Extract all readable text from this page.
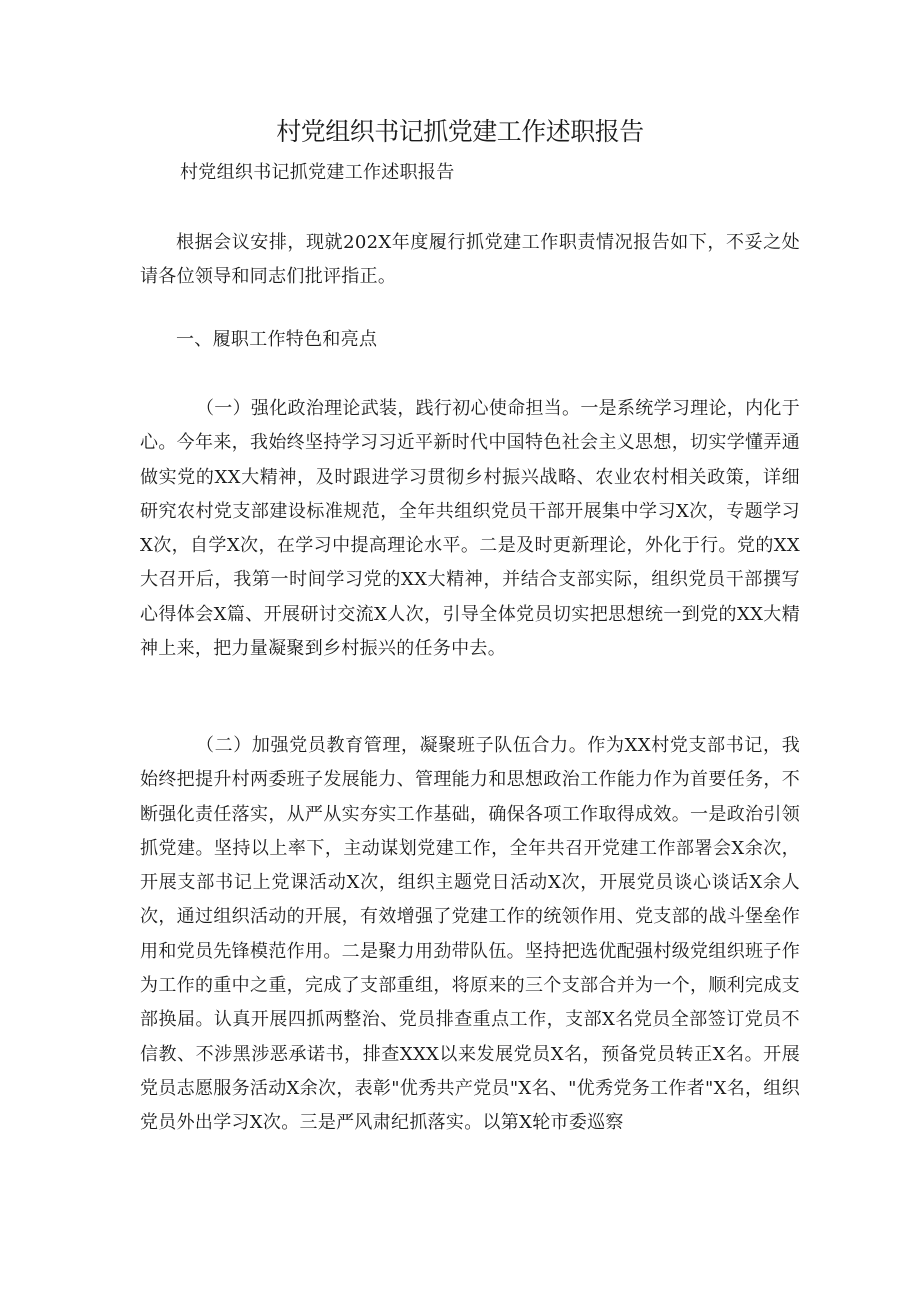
村党组织书记抓党建工作述职报告

村党组织书记抓党建工作述职报告

根据会议安排，现就202X年度履行抓党建工作职责情况报告如下，不妥之处请各位领导和同志们批评指正。

一、履职工作特色和亮点

（一）强化政治理论武装，践行初心使命担当。一是系统学习理论，内化于心。今年来，我始终坚持学习习近平新时代中国特色社会主义思想，切实学懂弄通做实党的XX大精神，及时跟进学习贯彻乡村振兴战略、农业农村相关政策，详细研究农村党支部建设标准规范，全年共组织党员干部开展集中学习X次，专题学习X次，自学X次，在学习中提高理论水平。二是及时更新理论，外化于行。党的XX大召开后，我第一时间学习党的XX大精神，并结合支部实际，组织党员干部撰写心得体会X篇、开展研讨交流X人次，引导全体党员切实把思想统一到党的XX大精神上来，把力量凝聚到乡村振兴的任务中去。

（二）加强党员教育管理，凝聚班子队伍合力。作为XX村党支部书记，我始终把提升村两委班子发展能力、管理能力和思想政治工作能力作为首要任务，不断强化责任落实，从严从实夯实工作基础，确保各项工作取得成效。一是政治引领抓党建。坚持以上率下，主动谋划党建工作，全年共召开党建工作部署会X余次，开展支部书记上党课活动X次，组织主题党日活动X次，开展党员谈心谈话X余人次，通过组织活动的开展，有效增强了党建工作的统领作用、党支部的战斗堡垒作用和党员先锋模范作用。二是聚力用劲带队伍。坚持把选优配强村级党组织班子作为工作的重中之重，完成了支部重组，将原来的三个支部合并为一个，顺利完成支部换届。认真开展四抓两整治、党员排查重点工作，支部X名党员全部签订党员不信教、不涉黑涉恶承诺书，排查XXX以来发展党员X名，预备党员转正X名。开展党员志愿服务活动X余次，表彰"优秀共产党员"X名、"优秀党务工作者"X名，组织党员外出学习X次。三是严风肃纪抓落实。以第X轮市委巡察
